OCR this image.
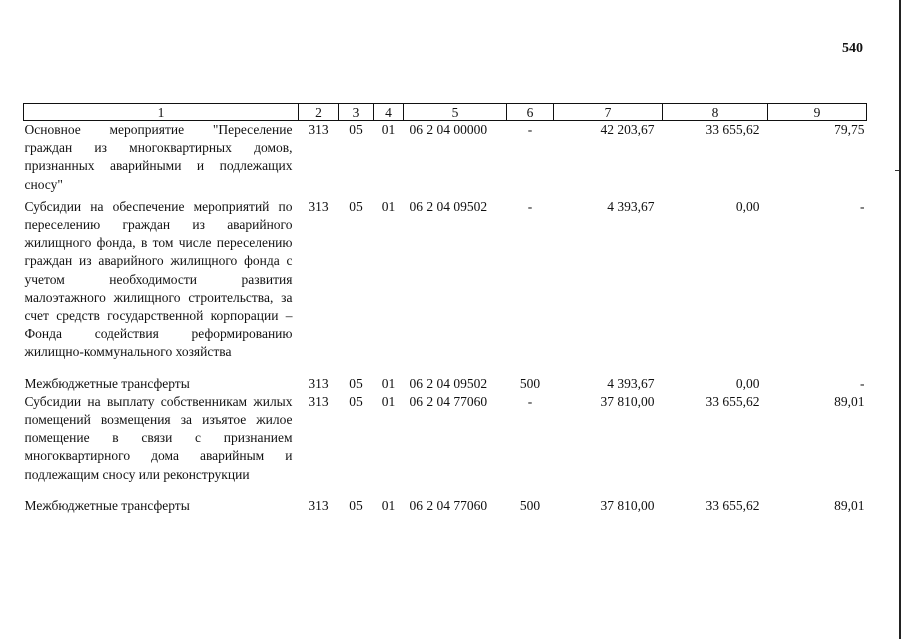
540
1	2	3	4	5	6	7	8	9
Основное мероприятие "Переселение граждан из многоквартирных домов, признанных аварийными и подлежащих сносу"	313	05	01	06 2 04 00000	-	42 203,67	33 655,62	79,75
Субсидии на обеспечение мероприятий по переселению граждан из аварийного жилищного фонда, в том числе переселению граждан из аварийного жилищного фонда с учетом необходимости развития малоэтажного жилищного строительства, за счет средств государственной корпорации – Фонда содействия реформированию жилищно-коммунального хозяйства	313	05	01	06 2 04 09502	-	4 393,67	0,00	-
Межбюджетные трансферты	313	05	01	06 2 04 09502	500	4 393,67	0,00	-
Субсидии на выплату собственникам жилых помещений возмещения за изъятое жилое помещение в связи с признанием многоквартирного дома аварийным и подлежащим сносу или реконструкции	313	05	01	06 2 04 77060	-	37 810,00	33 655,62	89,01
Межбюджетные трансферты	313	05	01	06 2 04 77060	500	37 810,00	33 655,62	89,01
